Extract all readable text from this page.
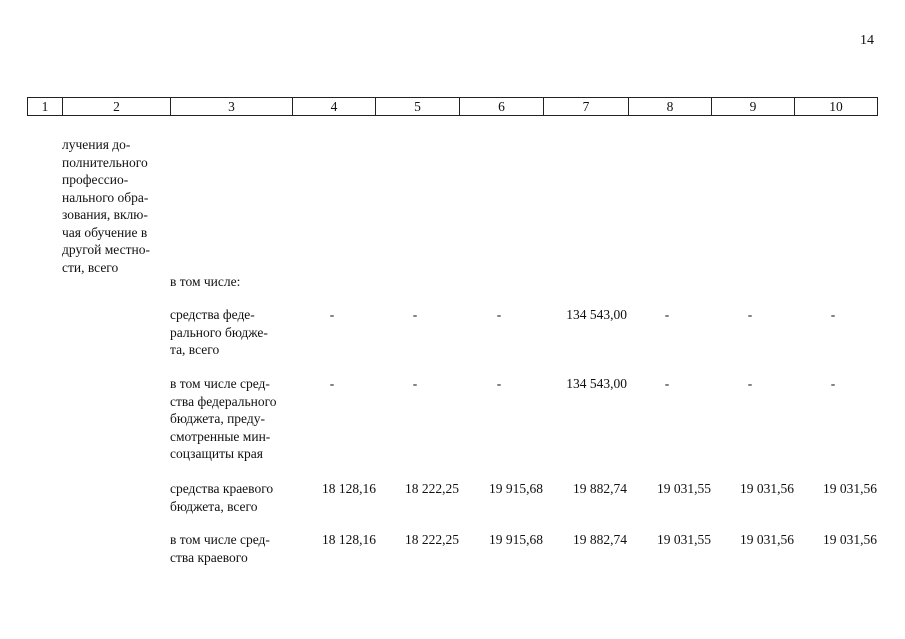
14
1	2	3	4	5	6	7	8	9	10
лучения до-
полнительного
профессио-
нального обра-
зования, вклю-
чая обучение в
другой местно-
сти, всего
в том числе:
средства феде-
рального бюдже-
та, всего
-	-	-	134 543,00	-	-	-
в том числе сред-
ства федерального
бюджета, преду-
смотренные мин-
соцзащиты края
-	-	-	134 543,00	-	-	-
средства краевого
бюджета, всего
18 128,16	18 222,25	19 915,68	19 882,74	19 031,55	19 031,56	19 031,56
в том числе сред-
ства краевого
18 128,16	18 222,25	19 915,68	19 882,74	19 031,55	19 031,56	19 031,56
